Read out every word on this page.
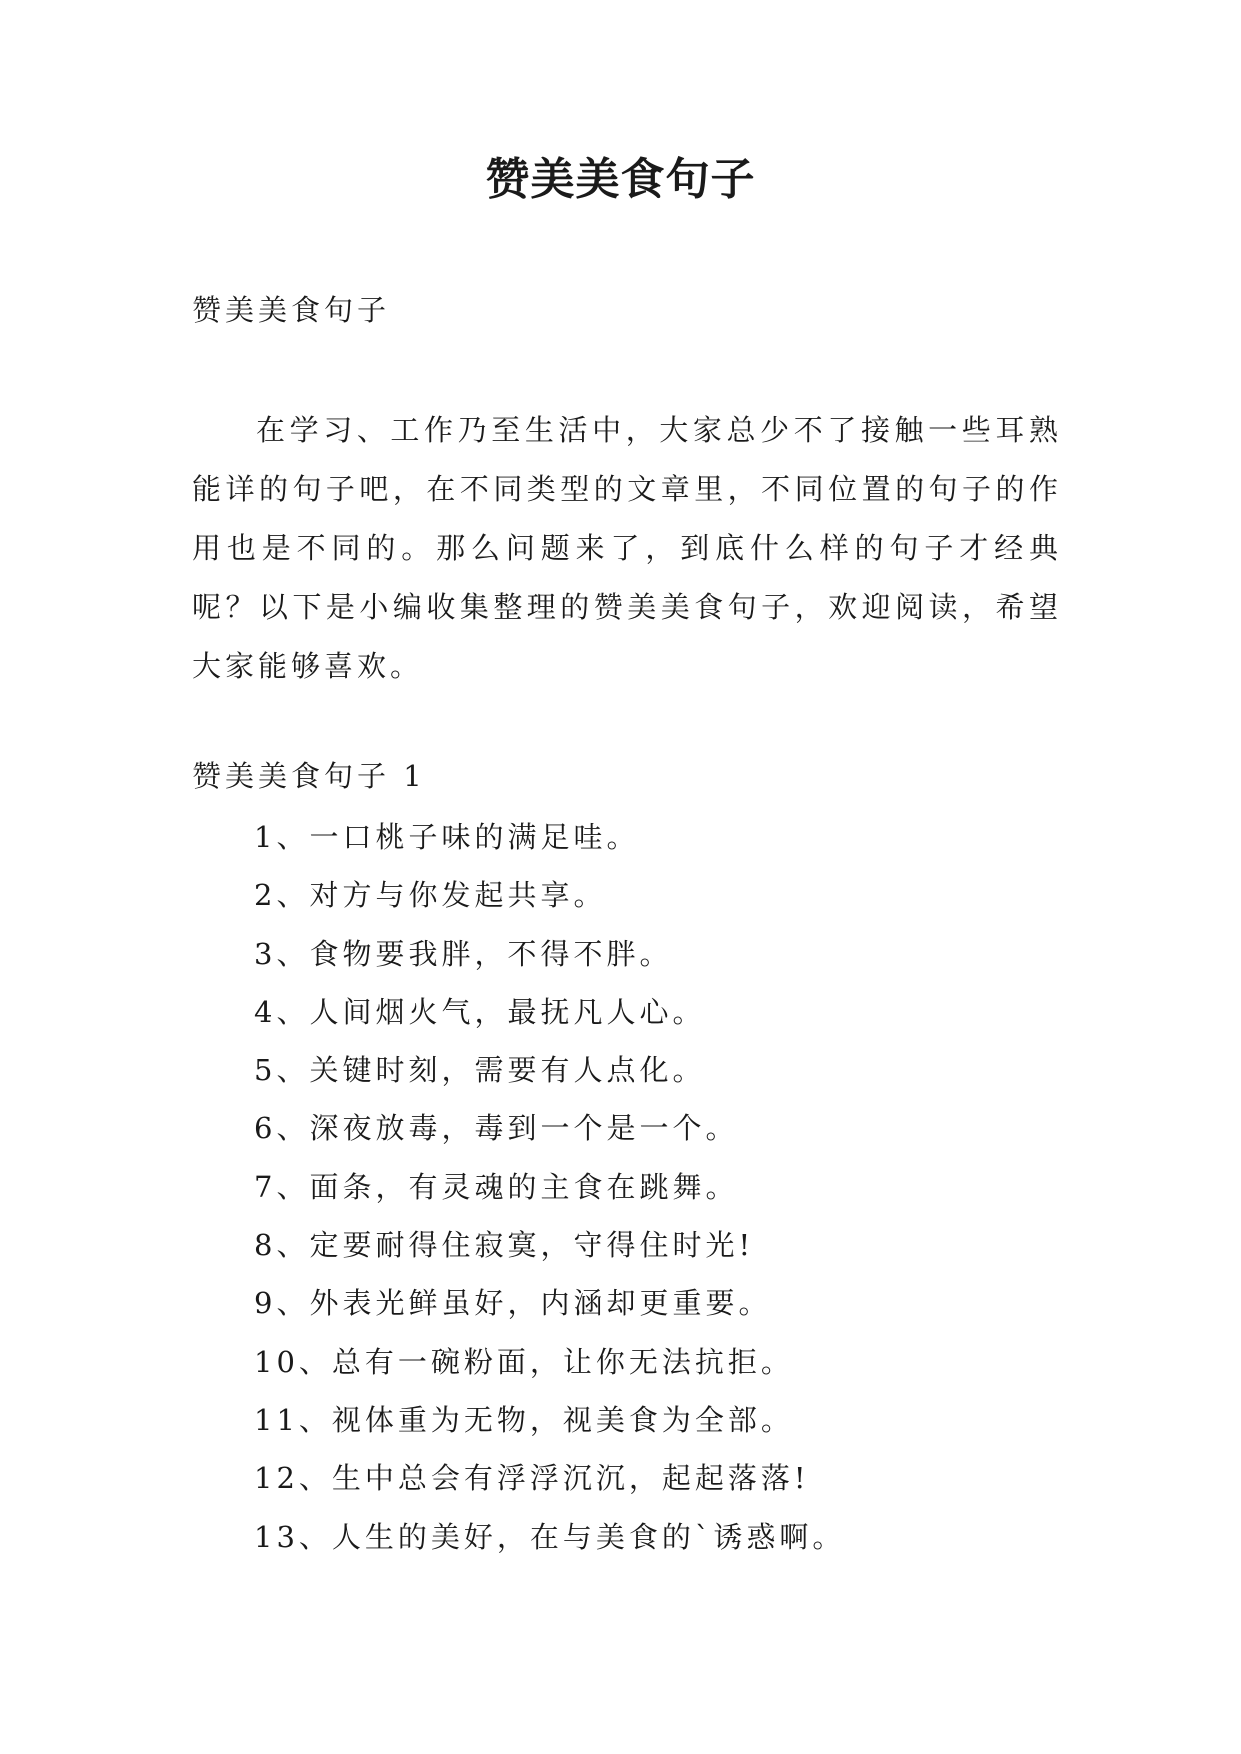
赞美美食句子

赞美美食句子

在学习、工作乃至生活中，大家总少不了接触一些耳熟能详的句子吧，在不同类型的文章里，不同位置的句子的作用也是不同的。那么问题来了，到底什么样的句子才经典呢？以下是小编收集整理的赞美美食句子，欢迎阅读，希望大家能够喜欢。

赞美美食句子 1

1、一口桃子味的满足哇。
2、对方与你发起共享。
3、食物要我胖，不得不胖。
4、人间烟火气，最抚凡人心。
5、关键时刻，需要有人点化。
6、深夜放毒，毒到一个是一个。
7、面条，有灵魂的主食在跳舞。
8、定要耐得住寂寞，守得住时光!
9、外表光鲜虽好，内涵却更重要。
10、总有一碗粉面，让你无法抗拒。
11、视体重为无物，视美食为全部。
12、生中总会有浮浮沉沉，起起落落!
13、人生的美好，在与美食的`诱惑啊。
